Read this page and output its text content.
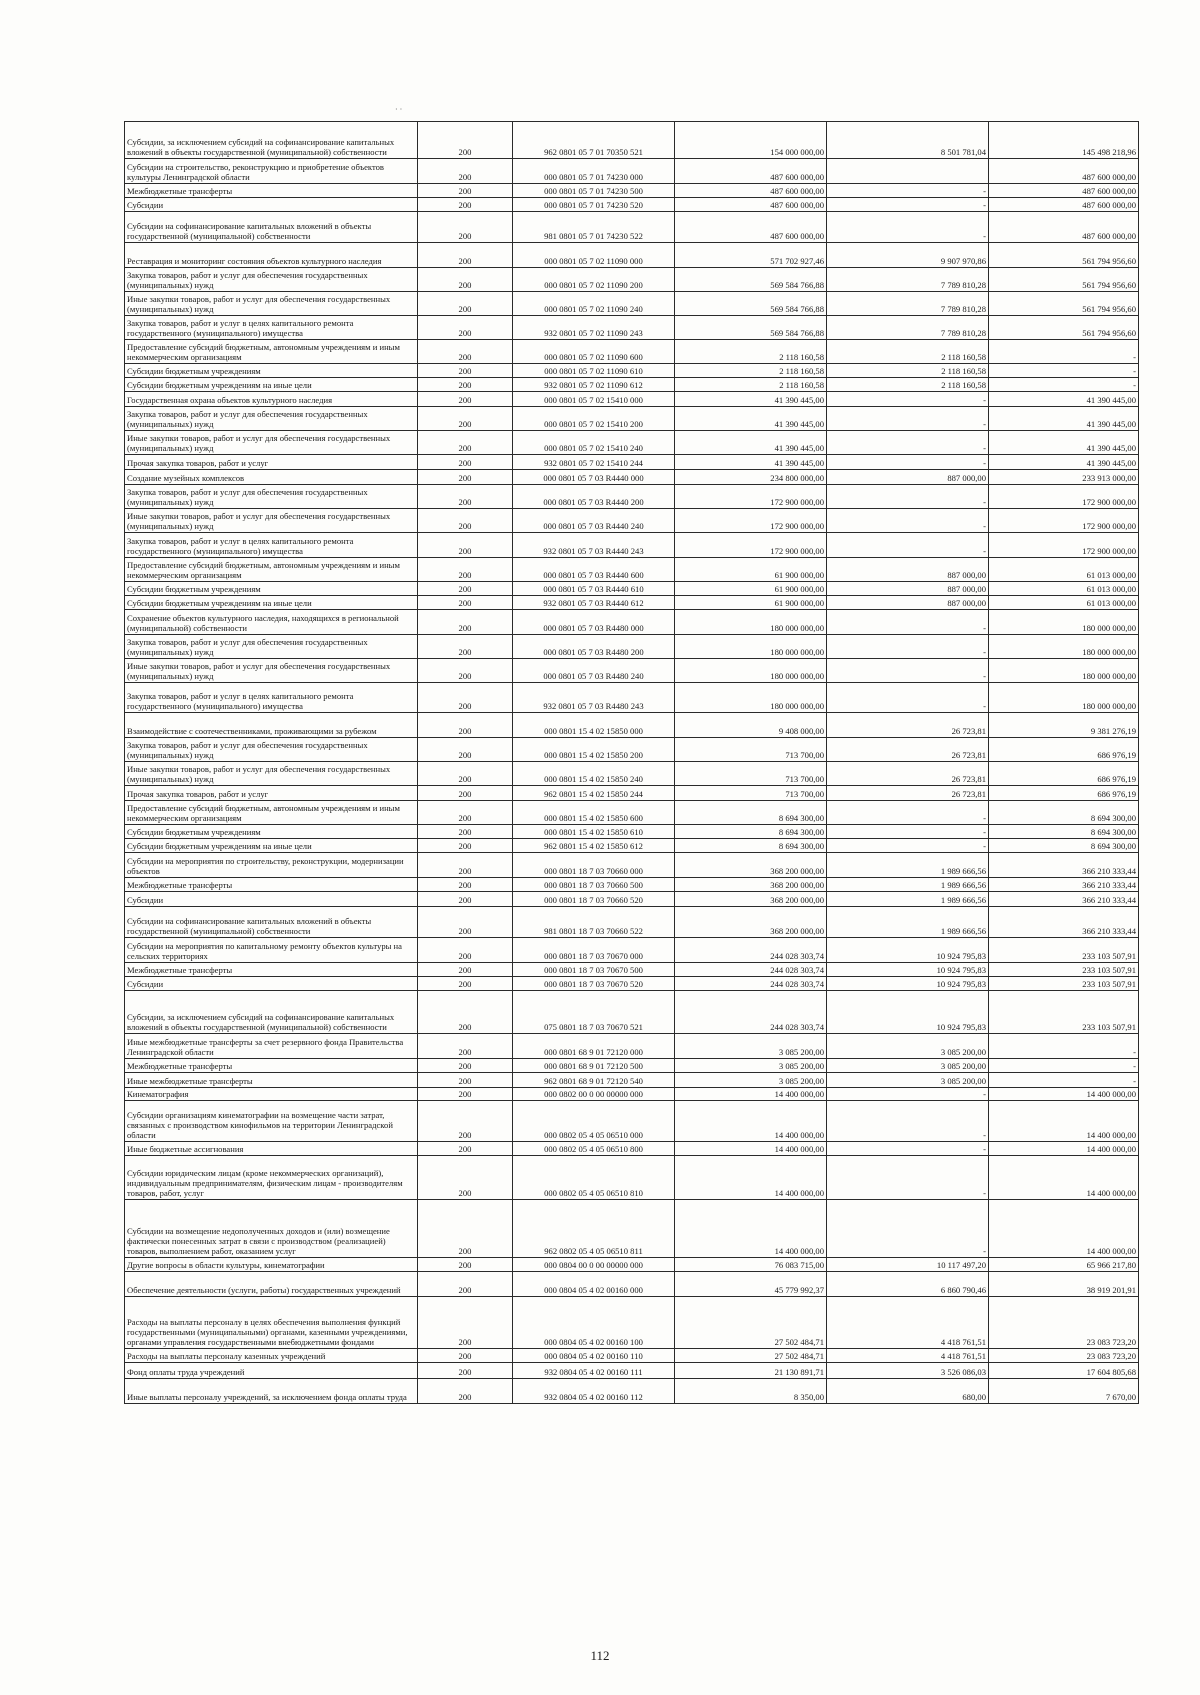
· ·
Субсидии, за исключением субсидий на софинансирование капитальных вложений в объекты государственной (муниципальной) собственности	200	962 0801 05 7 01 70350 521	154 000 000,00	8 501 781,04	145 498 218,96
Субсидии на строительство, реконструкцию и приобретение объектов культуры Ленинградской области	200	000 0801 05 7 01 74230 000	487 600 000,00		487 600 000,00
Межбюджетные трансферты	200	000 0801 05 7 01 74230 500	487 600 000,00	-	487 600 000,00
Субсидии	200	000 0801 05 7 01 74230 520	487 600 000,00	-	487 600 000,00
Субсидии на софинансирование капитальных вложений в объекты государственной (муниципальной) собственности	200	981 0801 05 7 01 74230 522	487 600 000,00	-	487 600 000,00
Реставрация и мониторинг состояния объектов культурного наследия	200	000 0801 05 7 02 11090 000	571 702 927,46	9 907 970,86	561 794 956,60
Закупка товаров, работ и услуг для обеспечения государственных (муниципальных) нужд	200	000 0801 05 7 02 11090 200	569 584 766,88	7 789 810,28	561 794 956,60
Иные закупки товаров, работ и услуг для обеспечения государственных (муниципальных) нужд	200	000 0801 05 7 02 11090 240	569 584 766,88	7 789 810,28	561 794 956,60
Закупка товаров, работ и услуг в целях капитального ремонта государственного (муниципального) имущества	200	932 0801 05 7 02 11090 243	569 584 766,88	7 789 810,28	561 794 956,60
Предоставление субсидий бюджетным, автономным учреждениям и иным некоммерческим организациям	200	000 0801 05 7 02 11090 600	2 118 160,58	2 118 160,58	-
Субсидии бюджетным учреждениям	200	000 0801 05 7 02 11090 610	2 118 160,58	2 118 160,58	-
Субсидии бюджетным учреждениям на иные цели	200	932 0801 05 7 02 11090 612	2 118 160,58	2 118 160,58	-
Государственная охрана объектов культурного наследия	200	000 0801 05 7 02 15410 000	41 390 445,00	-	41 390 445,00
Закупка товаров, работ и услуг для обеспечения государственных (муниципальных) нужд	200	000 0801 05 7 02 15410 200	41 390 445,00	-	41 390 445,00
Иные закупки товаров, работ и услуг для обеспечения государственных (муниципальных) нужд	200	000 0801 05 7 02 15410 240	41 390 445,00	-	41 390 445,00
Прочая закупка товаров, работ и услуг	200	932 0801 05 7 02 15410 244	41 390 445,00	-	41 390 445,00
Создание музейных комплексов	200	000 0801 05 7 03 R4440 000	234 800 000,00	887 000,00	233 913 000,00
Закупка товаров, работ и услуг для обеспечения государственных (муниципальных) нужд	200	000 0801 05 7 03 R4440 200	172 900 000,00	-	172 900 000,00
Иные закупки товаров, работ и услуг для обеспечения государственных (муниципальных) нужд	200	000 0801 05 7 03 R4440 240	172 900 000,00	-	172 900 000,00
Закупка товаров, работ и услуг в целях капитального ремонта государственного (муниципального) имущества	200	932 0801 05 7 03 R4440 243	172 900 000,00	-	172 900 000,00
Предоставление субсидий бюджетным, автономным учреждениям и иным некоммерческим организациям	200	000 0801 05 7 03 R4440 600	61 900 000,00	887 000,00	61 013 000,00
Субсидии бюджетным учреждениям	200	000 0801 05 7 03 R4440 610	61 900 000,00	887 000,00	61 013 000,00
Субсидии бюджетным учреждениям на иные цели	200	932 0801 05 7 03 R4440 612	61 900 000,00	887 000,00	61 013 000,00
Сохранение объектов культурного наследия, находящихся в региональной (муниципальной) собственности	200	000 0801 05 7 03 R4480 000	180 000 000,00	-	180 000 000,00
Закупка товаров, работ и услуг для обеспечения государственных (муниципальных) нужд	200	000 0801 05 7 03 R4480 200	180 000 000,00	-	180 000 000,00
Иные закупки товаров, работ и услуг для обеспечения государственных (муниципальных) нужд	200	000 0801 05 7 03 R4480 240	180 000 000,00	-	180 000 000,00
Закупка товаров, работ и услуг в целях капитального ремонта государственного (муниципального) имущества	200	932 0801 05 7 03 R4480 243	180 000 000,00	-	180 000 000,00
Взаимодействие с соотечественниками, проживающими за рубежом	200	000 0801 15 4 02 15850 000	9 408 000,00	26 723,81	9 381 276,19
Закупка товаров, работ и услуг для обеспечения государственных (муниципальных) нужд	200	000 0801 15 4 02 15850 200	713 700,00	26 723,81	686 976,19
Иные закупки товаров, работ и услуг для обеспечения государственных (муниципальных) нужд	200	000 0801 15 4 02 15850 240	713 700,00	26 723,81	686 976,19
Прочая закупка товаров, работ и услуг	200	962 0801 15 4 02 15850 244	713 700,00	26 723,81	686 976,19
Предоставление субсидий бюджетным, автономным учреждениям и иным некоммерческим организациям	200	000 0801 15 4 02 15850 600	8 694 300,00	-	8 694 300,00
Субсидии бюджетным учреждениям	200	000 0801 15 4 02 15850 610	8 694 300,00	-	8 694 300,00
Субсидии бюджетным учреждениям на иные цели	200	962 0801 15 4 02 15850 612	8 694 300,00	-	8 694 300,00
Субсидии на мероприятия по строительству, реконструкции, модернизации объектов	200	000 0801 18 7 03 70660 000	368 200 000,00	1 989 666,56	366 210 333,44
Межбюджетные трансферты	200	000 0801 18 7 03 70660 500	368 200 000,00	1 989 666,56	366 210 333,44
Субсидии	200	000 0801 18 7 03 70660 520	368 200 000,00	1 989 666,56	366 210 333,44
Субсидии на софинансирование капитальных вложений в объекты государственной (муниципальной) собственности	200	981 0801 18 7 03 70660 522	368 200 000,00	1 989 666,56	366 210 333,44
Субсидии на мероприятия по капитальному ремонту объектов культуры на сельских территориях	200	000 0801 18 7 03 70670 000	244 028 303,74	10 924 795,83	233 103 507,91
Межбюджетные трансферты	200	000 0801 18 7 03 70670 500	244 028 303,74	10 924 795,83	233 103 507,91
Субсидии	200	000 0801 18 7 03 70670 520	244 028 303,74	10 924 795,83	233 103 507,91
Субсидии, за исключением субсидий на софинансирование капитальных вложений в объекты государственной (муниципальной) собственности	200	075 0801 18 7 03 70670 521	244 028 303,74	10 924 795,83	233 103 507,91
Иные межбюджетные трансферты за счет резервного фонда Правительства Ленинградской области	200	000 0801 68 9 01 72120 000	3 085 200,00	3 085 200,00	-
Межбюджетные трансферты	200	000 0801 68 9 01 72120 500	3 085 200,00	3 085 200,00	-
Иные межбюджетные трансферты	200	962 0801 68 9 01 72120 540	3 085 200,00	3 085 200,00	-
Кинематография	200	000 0802 00 0 00 00000 000	14 400 000,00	-	14 400 000,00
Субсидии организациям кинематографии на возмещение части затрат, связанных с производством кинофильмов на территории Ленинградской области	200	000 0802 05 4 05 06510 000	14 400 000,00	-	14 400 000,00
Иные бюджетные ассигнования	200	000 0802 05 4 05 06510 800	14 400 000,00	-	14 400 000,00
Субсидии юридическим лицам (кроме некоммерческих организаций), индивидуальным предпринимателям, физическим лицам - производителям товаров, работ, услуг	200	000 0802 05 4 05 06510 810	14 400 000,00	-	14 400 000,00
Субсидии на возмещение недополученных доходов и (или) возмещение фактически понесенных затрат в связи с производством (реализацией) товаров, выполнением работ, оказанием услуг	200	962 0802 05 4 05 06510 811	14 400 000,00	-	14 400 000,00
Другие вопросы в области культуры, кинематографии	200	000 0804 00 0 00 00000 000	76 083 715,00	10 117 497,20	65 966 217,80
Обеспечение деятельности (услуги, работы) государственных учреждений	200	000 0804 05 4 02 00160 000	45 779 992,37	6 860 790,46	38 919 201,91
Расходы на выплаты персоналу в целях обеспечения выполнения функций государственными (муниципальными) органами, казенными учреждениями, органами управления государственными внебюджетными фондами	200	000 0804 05 4 02 00160 100	27 502 484,71	4 418 761,51	23 083 723,20
Расходы на выплаты персоналу казенных учреждений	200	000 0804 05 4 02 00160 110	27 502 484,71	4 418 761,51	23 083 723,20
Фонд оплаты труда учреждений	200	932 0804 05 4 02 00160 111	21 130 891,71	3 526 086,03	17 604 805,68
Иные выплаты персоналу учреждений, за исключением фонда оплаты труда	200	932 0804 05 4 02 00160 112	8 350,00	680,00	7 670,00
112
